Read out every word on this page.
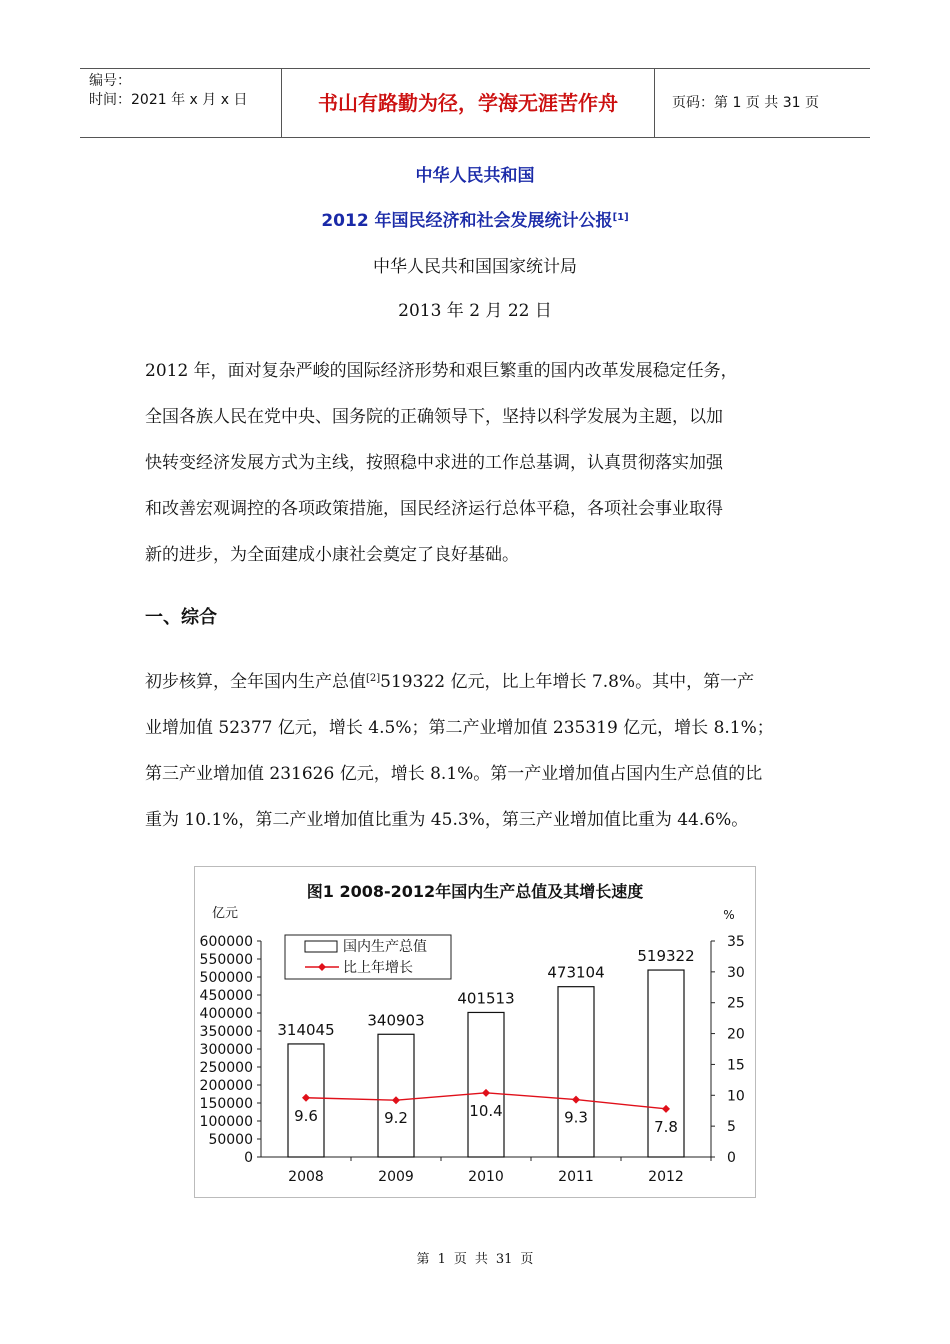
编号：
时间：2021 年 x 月 x 日	书山有路勤为径，学海无涯苦作舟	页码：第 1 页 共 31 页
中华人民共和国
2012 年国民经济和社会发展统计公报[1]
中华人民共和国国家统计局
2013 年 2 月 22 日
2012 年，面对复杂严峻的国际经济形势和艰巨繁重的国内改革发展稳定任务，
全国各族人民在党中央、国务院的正确领导下，坚持以科学发展为主题，以加
快转变经济发展方式为主线，按照稳中求进的工作总基调，认真贯彻落实加强
和改善宏观调控的各项政策措施，国民经济运行总体平稳，各项社会事业取得
新的进步，为全面建成小康社会奠定了良好基础。
一、综合
初步核算，全年国内生产总值[2]519322 亿元，比上年增长 7.8%。其中，第一产
业增加值 52377 亿元，增长 4.5%；第二产业增加值 235319 亿元，增长 8.1%；
第三产业增加值 231626 亿元，增长 8.1%。第一产业增加值占国内生产总值的比
重为 10.1%，第二产业增加值比重为 45.3%，第三产业增加值比重为 44.6%。
图1 2008-2012年国内生产总值及其增长速度
亿元	%
600000
550000
500000
450000
400000
350000
300000
250000
200000
150000
100000
50000
0
35
30
25
20
15
10
5
0
2008	2009	2010	2011	2012
314045
340903
401513
473104
519322
9.6	9.2	10.4	9.3
7.8
国内生产总值
比上年增长
第 1 页 共 31 页
